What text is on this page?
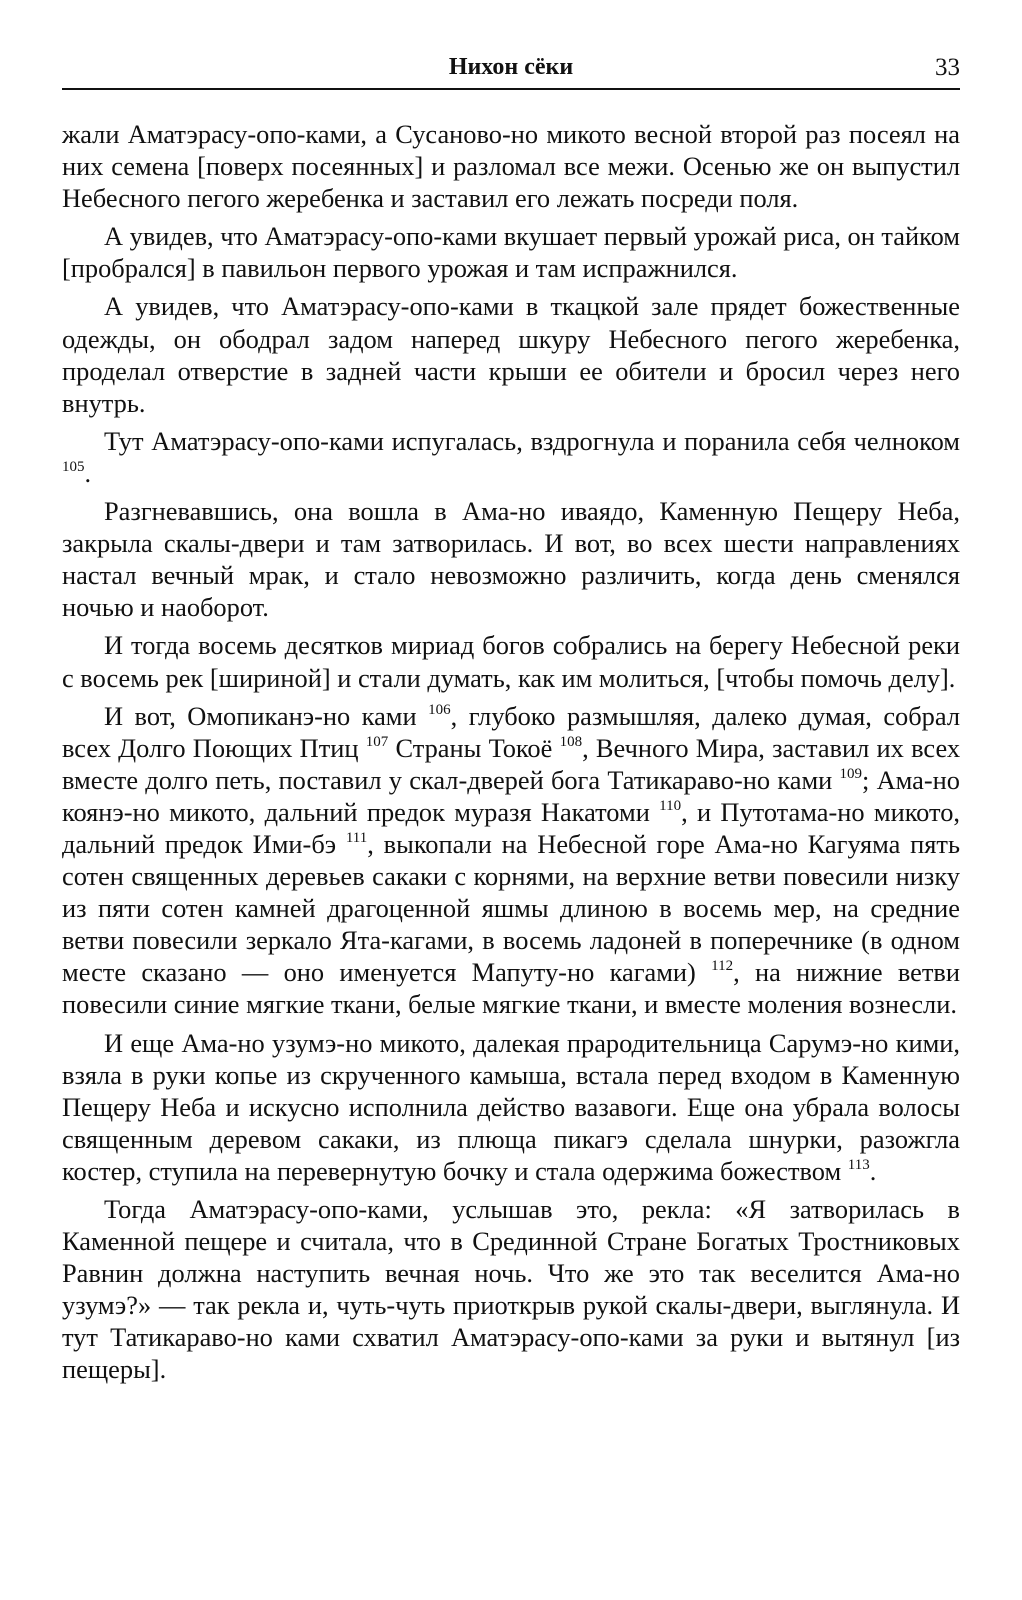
Нихон сёки	33

жали Аматэрасу-опо-ками, а Сусаново-но микото весной второй раз посеял на них семена [поверх посеянных] и разломал все межи. Осенью же он выпустил Небесного пегого жеребенка и заставил его лежать посреди поля.

А увидев, что Аматэрасу-опо-ками вкушает первый урожай риса, он тайком [пробрался] в павильон первого урожая и там испражнился.

А увидев, что Аматэрасу-опо-ками в ткацкой зале прядет божественные одежды, он ободрал задом наперед шкуру Небесного пегого жеребенка, проделал отверстие в задней части крыши ее обители и бросил через него внутрь.

Тут Аматэрасу-опо-ками испугалась, вздрогнула и поранила себя челноком $^{105}$.

Разгневавшись, она вошла в Ама-но иваядо, Каменную Пещеру Неба, закрыла скалы-двери и там затворилась. И вот, во всех шести направлениях настал вечный мрак, и стало невозможно различить, когда день сменялся ночью и наоборот.

И тогда восемь десятков мириад богов собрались на берегу Небесной реки с восемь рек [шириной] и стали думать, как им молиться, [чтобы помочь делу].

И вот, Омопиканэ-но ками $^{106}$, глубоко размышляя, далеко думая, собрал всех Долго Поющих Птиц $^{107}$ Страны Токоё $^{108}$, Вечного Мира, заставил их всех вместе долго петь, поставил у скал-дверей бога Татикараво-но ками $^{109}$; Ама-но коянэ-но микото, дальний предок муразя Накатоми $^{110}$, и Путотама-но микото, дальний предок Ими-бэ $^{111}$, выкопали на Небесной горе Ама-но Кагуяма пять сотен священных деревьев сакаки с корнями, на верхние ветви повесили низку из пяти сотен камней драгоценной яшмы длиною в восемь мер, на средние ветви повесили зеркало Ята-кагами, в восемь ладоней в поперечнике (в одном месте сказано — оно именуется Мапуту-но кагами) $^{112}$, на нижние ветви повесили синие мягкие ткани, белые мягкие ткани, и вместе моления вознесли.

И еще Ама-но узумэ-но микото, далекая прародительница Сарумэ-но кими, взяла в руки копье из скрученного камыша, встала перед входом в Каменную Пещеру Неба и искусно исполнила действо вазавоги. Еще она убрала волосы священным деревом сакаки, из плюща пикагэ сделала шнурки, разожгла костер, ступила на перевернутую бочку и стала одержима божеством $^{113}$.

Тогда Аматэрасу-опо-ками, услышав это, рекла: «Я затворилась в Каменной пещере и считала, что в Срединной Стране Богатых Тростниковых Равнин должна наступить вечная ночь. Что же это так веселится Ама-но узумэ?» — так рекла и, чуть-чуть приоткрыв рукой скалы-двери, выглянула. И тут Татикараво-но ками схватил Аматэрасу-опо-ками за руки и вытянул [из пещеры].
